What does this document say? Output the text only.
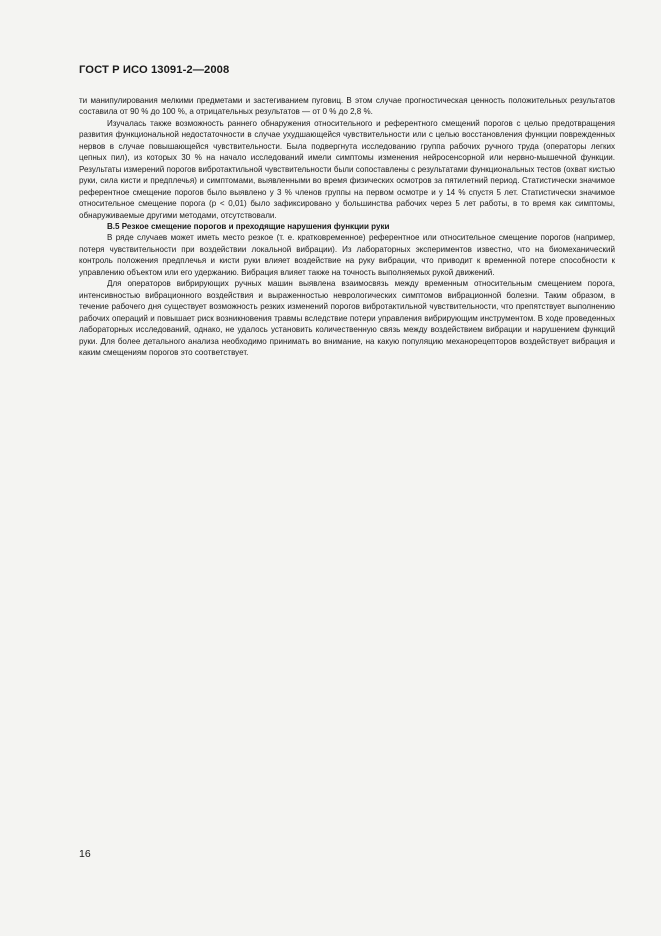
ГОСТ Р ИСО 13091-2—2008

ти манипулирования мелкими предметами и застегиванием пуговиц. В этом случае прогностическая ценность положительных результатов составила от 90 % до 100 %, а отрицательных результатов — от 0 % до 2,8 %.

Изучалась также возможность раннего обнаружения относительного и референтного смещений порогов с целью предотвращения развития функциональной недостаточности в случае ухудшающейся чувствительности или с целью восстановления функции поврежденных нервов в случае повышающейся чувствительности. Была подвергнута исследованию группа рабочих ручного труда (операторы легких цепных пил), из которых 30 % на начало исследований имели симптомы изменения нейросенсорной или нервно-мышечной функции. Результаты измерений порогов вибротактильной чувствительности были сопоставлены с результатами функциональных тестов (охват кистью руки, сила кисти и предплечья) и симптомами, выявленными во время физических осмотров за пятилетний период. Статистически значимое референтное смещение порогов было выявлено у 3 % членов группы на первом осмотре и у 14 % спустя 5 лет. Статистически значимое относительное смещение порога (p < 0,01) было зафиксировано у большинства рабочих через 5 лет работы, в то время как симптомы, обнаруживаемые другими методами, отсутствовали.

В.5 Резкое смещение порогов и преходящие нарушения функции руки

В ряде случаев может иметь место резкое (т. е. кратковременное) референтное или относительное смещение порогов (например, потеря чувствительности при воздействии локальной вибрации). Из лабораторных экспериментов известно, что на биомеханический контроль положения предплечья и кисти руки влияет воздействие на руку вибрации, что приводит к временной потере способности к управлению объектом или его удержанию. Вибрация влияет также на точность выполняемых рукой движений.

Для операторов вибрирующих ручных машин выявлена взаимосвязь между временным относительным смещением порога, интенсивностью вибрационного воздействия и выраженностью неврологических симптомов вибрационной болезни. Таким образом, в течение рабочего дня существует возможность резких изменений порогов вибротактильной чувствительности, что препятствует выполнению рабочих операций и повышает риск возникновения травмы вследствие потери управления вибрирующим инструментом. В ходе проведенных лабораторных исследований, однако, не удалось установить количественную связь между воздействием вибрации и нарушением функций руки. Для более детального анализа необходимо принимать во внимание, на какую популяцию механорецепторов воздействует вибрация и каким смещениям порогов это соответствует.

16
